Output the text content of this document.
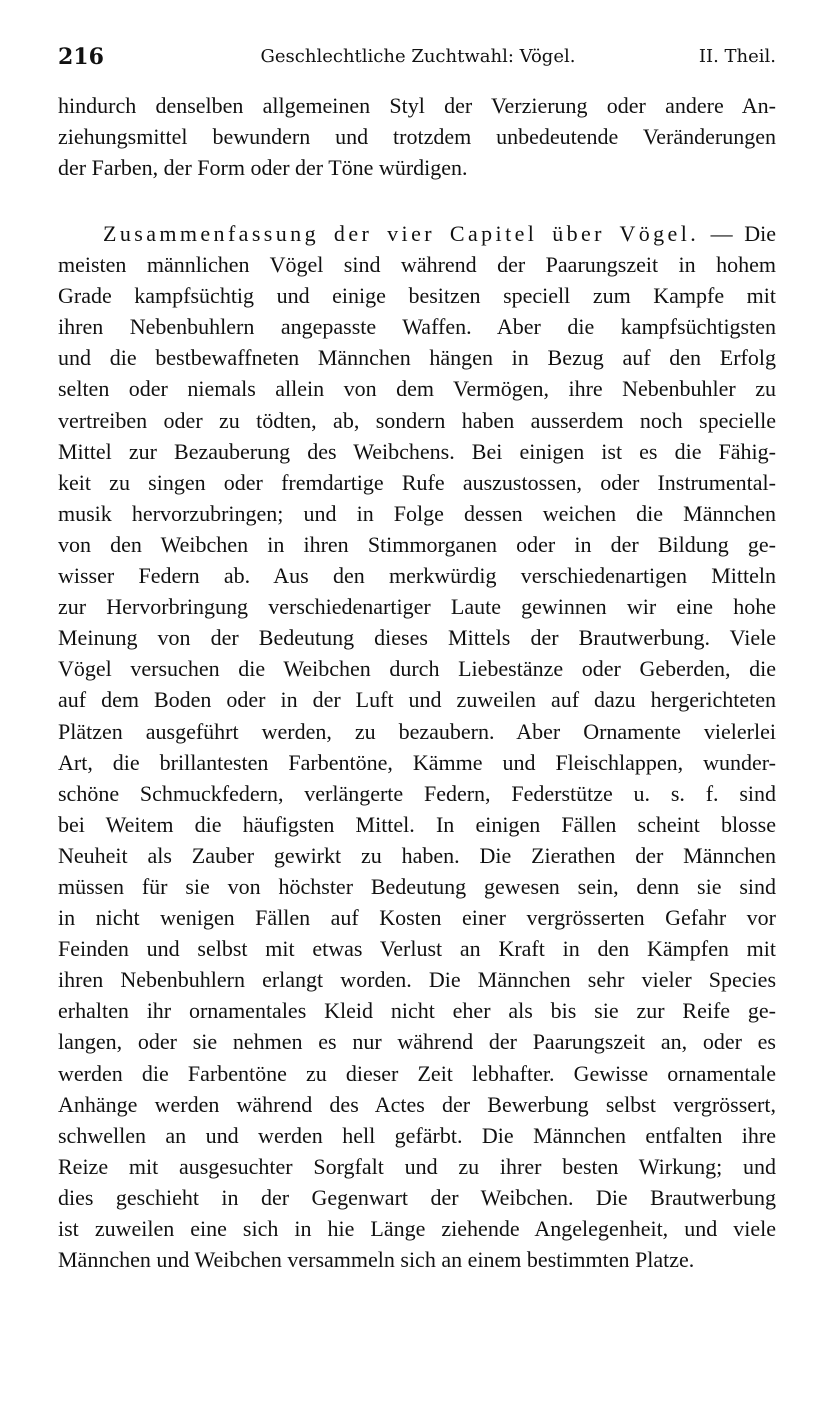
216	Geschlechtliche Zuchtwahl: Vögel.	II. Theil.
hindurch denselben allgemeinen Styl der Verzierung oder andere An-
ziehungsmittel bewundern und trotzdem unbedeutende Veränderungen
der Farben, der Form oder der Töne würdigen.
Zusammenfassung der vier Capitel über Vögel. — Die
meisten männlichen Vögel sind während der Paarungszeit in hohem
Grade kampfsüchtig und einige besitzen speciell zum Kampfe mit
ihren Nebenbuhlern angepasste Waffen. Aber die kampfsüchtigsten
und die bestbewaffneten Männchen hängen in Bezug auf den Erfolg
selten oder niemals allein von dem Vermögen, ihre Nebenbuhler zu
vertreiben oder zu tödten, ab, sondern haben ausserdem noch specielle
Mittel zur Bezauberung des Weibchens. Bei einigen ist es die Fähig-
keit zu singen oder fremdartige Rufe auszustossen, oder Instrumental-
musik hervorzubringen; und in Folge dessen weichen die Männchen
von den Weibchen in ihren Stimmorganen oder in der Bildung ge-
wisser Federn ab. Aus den merkwürdig verschiedenartigen Mitteln
zur Hervorbringung verschiedenartiger Laute gewinnen wir eine hohe
Meinung von der Bedeutung dieses Mittels der Brautwerbung. Viele
Vögel versuchen die Weibchen durch Liebestänze oder Geberden, die
auf dem Boden oder in der Luft und zuweilen auf dazu hergerichteten
Plätzen ausgeführt werden, zu bezaubern. Aber Ornamente vielerlei
Art, die brillantesten Farbentöne, Kämme und Fleischlappen, wunder-
schöne Schmuckfedern, verlängerte Federn, Federstütze u. s. f. sind
bei Weitem die häufigsten Mittel. In einigen Fällen scheint blosse
Neuheit als Zauber gewirkt zu haben. Die Zierathen der Männchen
müssen für sie von höchster Bedeutung gewesen sein, denn sie sind
in nicht wenigen Fällen auf Kosten einer vergrösserten Gefahr vor
Feinden und selbst mit etwas Verlust an Kraft in den Kämpfen mit
ihren Nebenbuhlern erlangt worden. Die Männchen sehr vieler Species
erhalten ihr ornamentales Kleid nicht eher als bis sie zur Reife ge-
langen, oder sie nehmen es nur während der Paarungszeit an, oder es
werden die Farbentöne zu dieser Zeit lebhafter. Gewisse ornamentale
Anhänge werden während des Actes der Bewerbung selbst vergrössert,
schwellen an und werden hell gefärbt. Die Männchen entfalten ihre
Reize mit ausgesuchter Sorgfalt und zu ihrer besten Wirkung; und
dies geschieht in der Gegenwart der Weibchen. Die Brautwerbung
ist zuweilen eine sich in hie Länge ziehende Angelegenheit, und viele
Männchen und Weibchen versammeln sich an einem bestimmten Platze.
